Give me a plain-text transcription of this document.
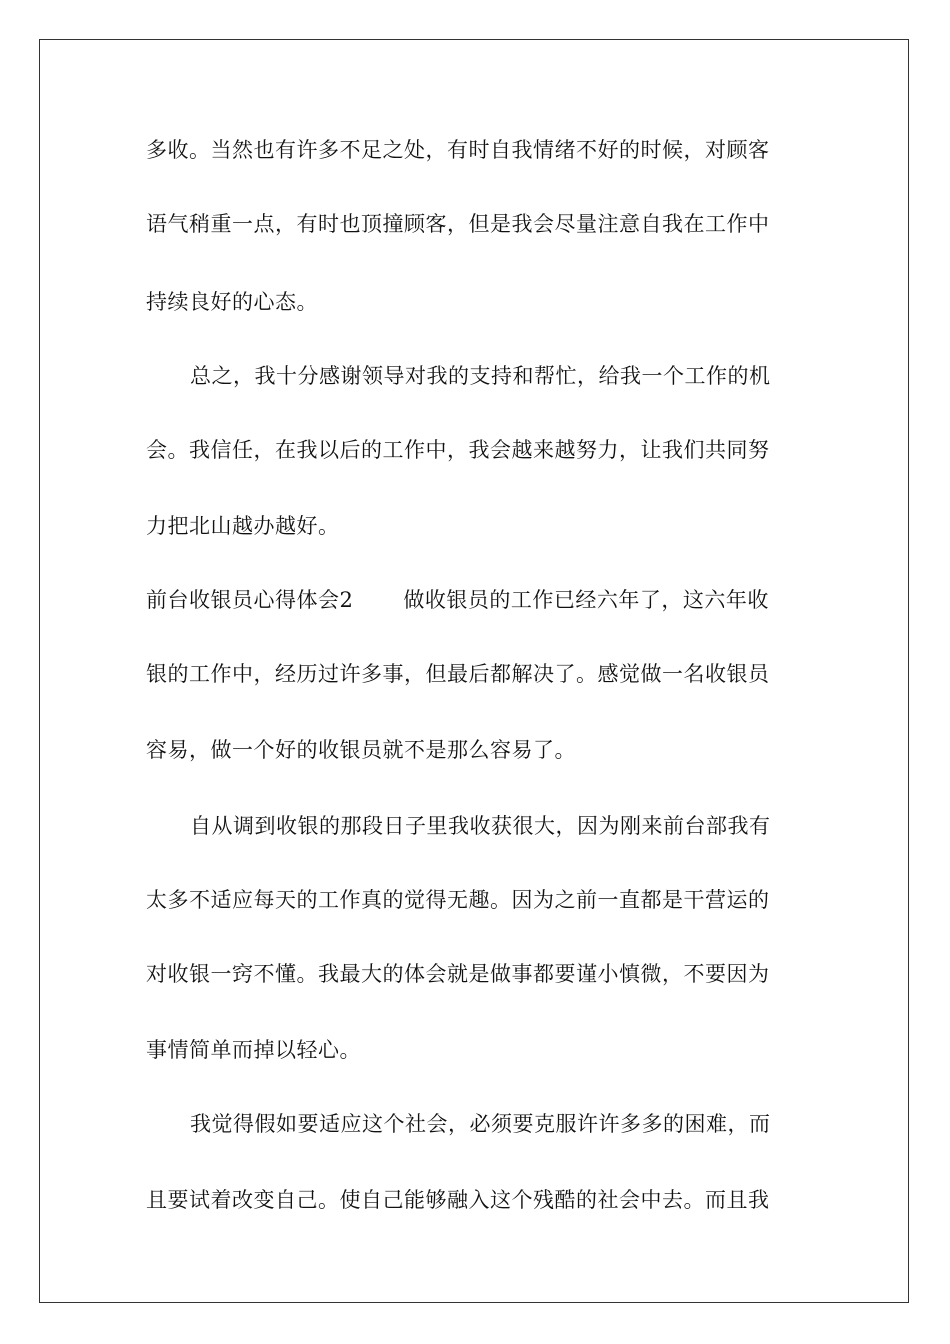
多收。当然也有许多不足之处，有时自我情绪不好的时候，对顾客
语气稍重一点，有时也顶撞顾客，但是我会尽量注意自我在工作中
持续良好的心态。
总之，我十分感谢领导对我的支持和帮忙，给我一个工作的机
会。我信任，在我以后的工作中，我会越来越努力，让我们共同努
力把北山越办越好。
前台收银员心得体会2 做收银员的工作已经六年了，这六年收
银的工作中，经历过许多事，但最后都解决了。感觉做一名收银员
容易，做一个好的收银员就不是那么容易了。
自从调到收银的那段日子里我收获很大，因为刚来前台部我有
太多不适应每天的工作真的觉得无趣。因为之前一直都是干营运的
对收银一窍不懂。我最大的体会就是做事都要谨小慎微，不要因为
事情简单而掉以轻心。
我觉得假如要适应这个社会，必须要克服许许多多的困难，而
且要试着改变自己。使自己能够融入这个残酷的社会中去。而且我
